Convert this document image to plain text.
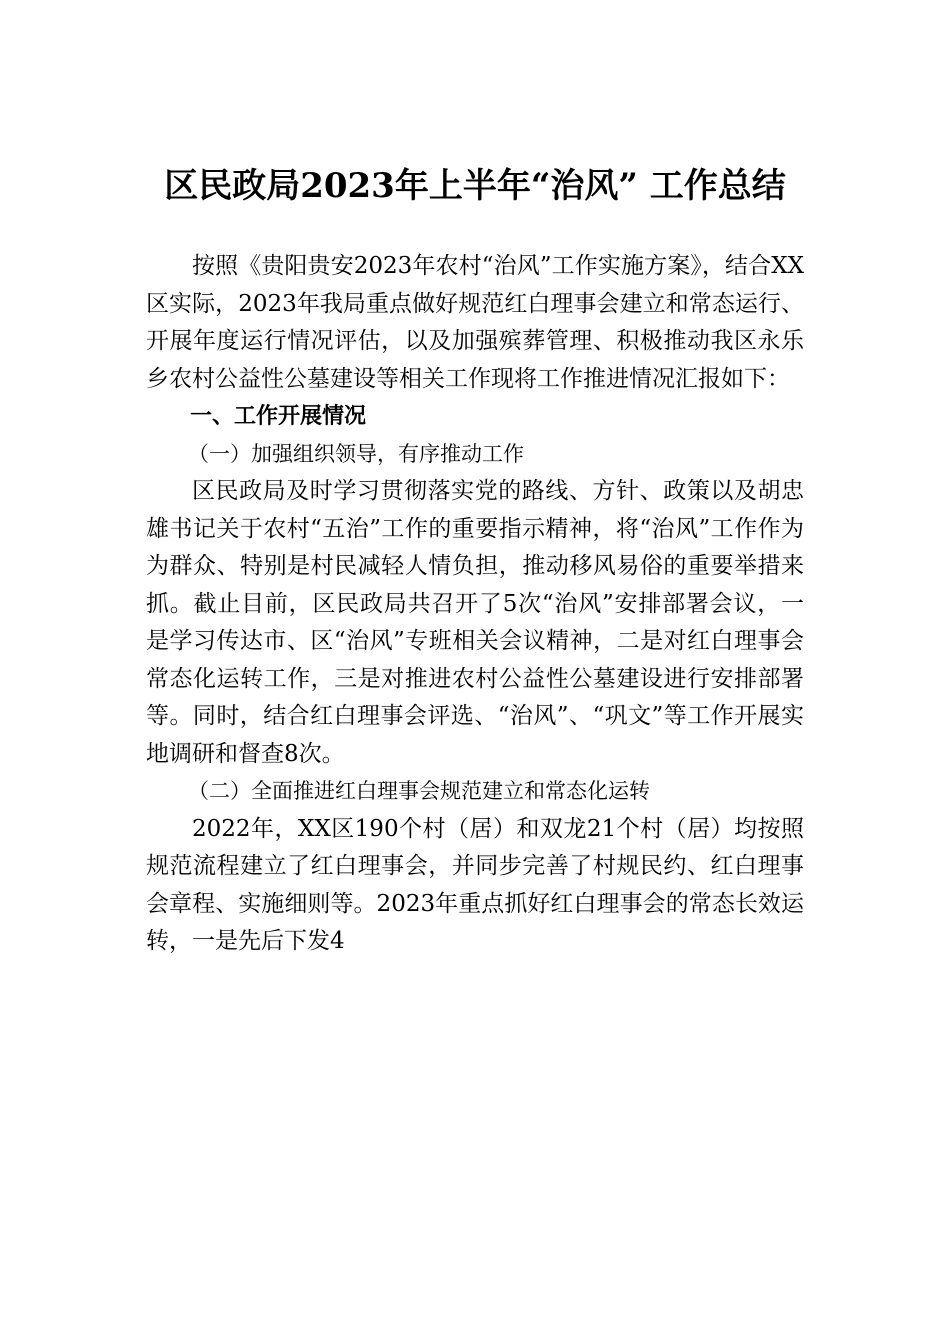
区民政局2023年上半年“治风” 工作总结

按照《贵阳贵安2023年农村“治风”工作实施方案》，结合XX区实际，2023年我局重点做好规范红白理事会建立和常态运行、开展年度运行情况评估，以及加强殡葬管理、积极推动我区永乐乡农村公益性公墓建设等相关工作现将工作推进情况汇报如下：

一、工作开展情况

（一）加强组织领导，有序推动工作

区民政局及时学习贯彻落实党的路线、方针、政策以及胡忠雄书记关于农村“五治”工作的重要指示精神，将“治风”工作作为为群众、特别是村民减轻人情负担，推动移风易俗的重要举措来抓。截止目前，区民政局共召开了5次“治风”安排部署会议，一是学习传达市、区“治风”专班相关会议精神，二是对红白理事会常态化运转工作，三是对推进农村公益性公墓建设进行安排部署等。同时，结合红白理事会评选、“治风”、“巩文”等工作开展实地调研和督查8次。

（二）全面推进红白理事会规范建立和常态化运转

2022年，XX区190个村（居）和双龙21个村（居）均按照规范流程建立了红白理事会，并同步完善了村规民约、红白理事会章程、实施细则等。2023年重点抓好红白理事会的常态长效运转，一是先后下发4
